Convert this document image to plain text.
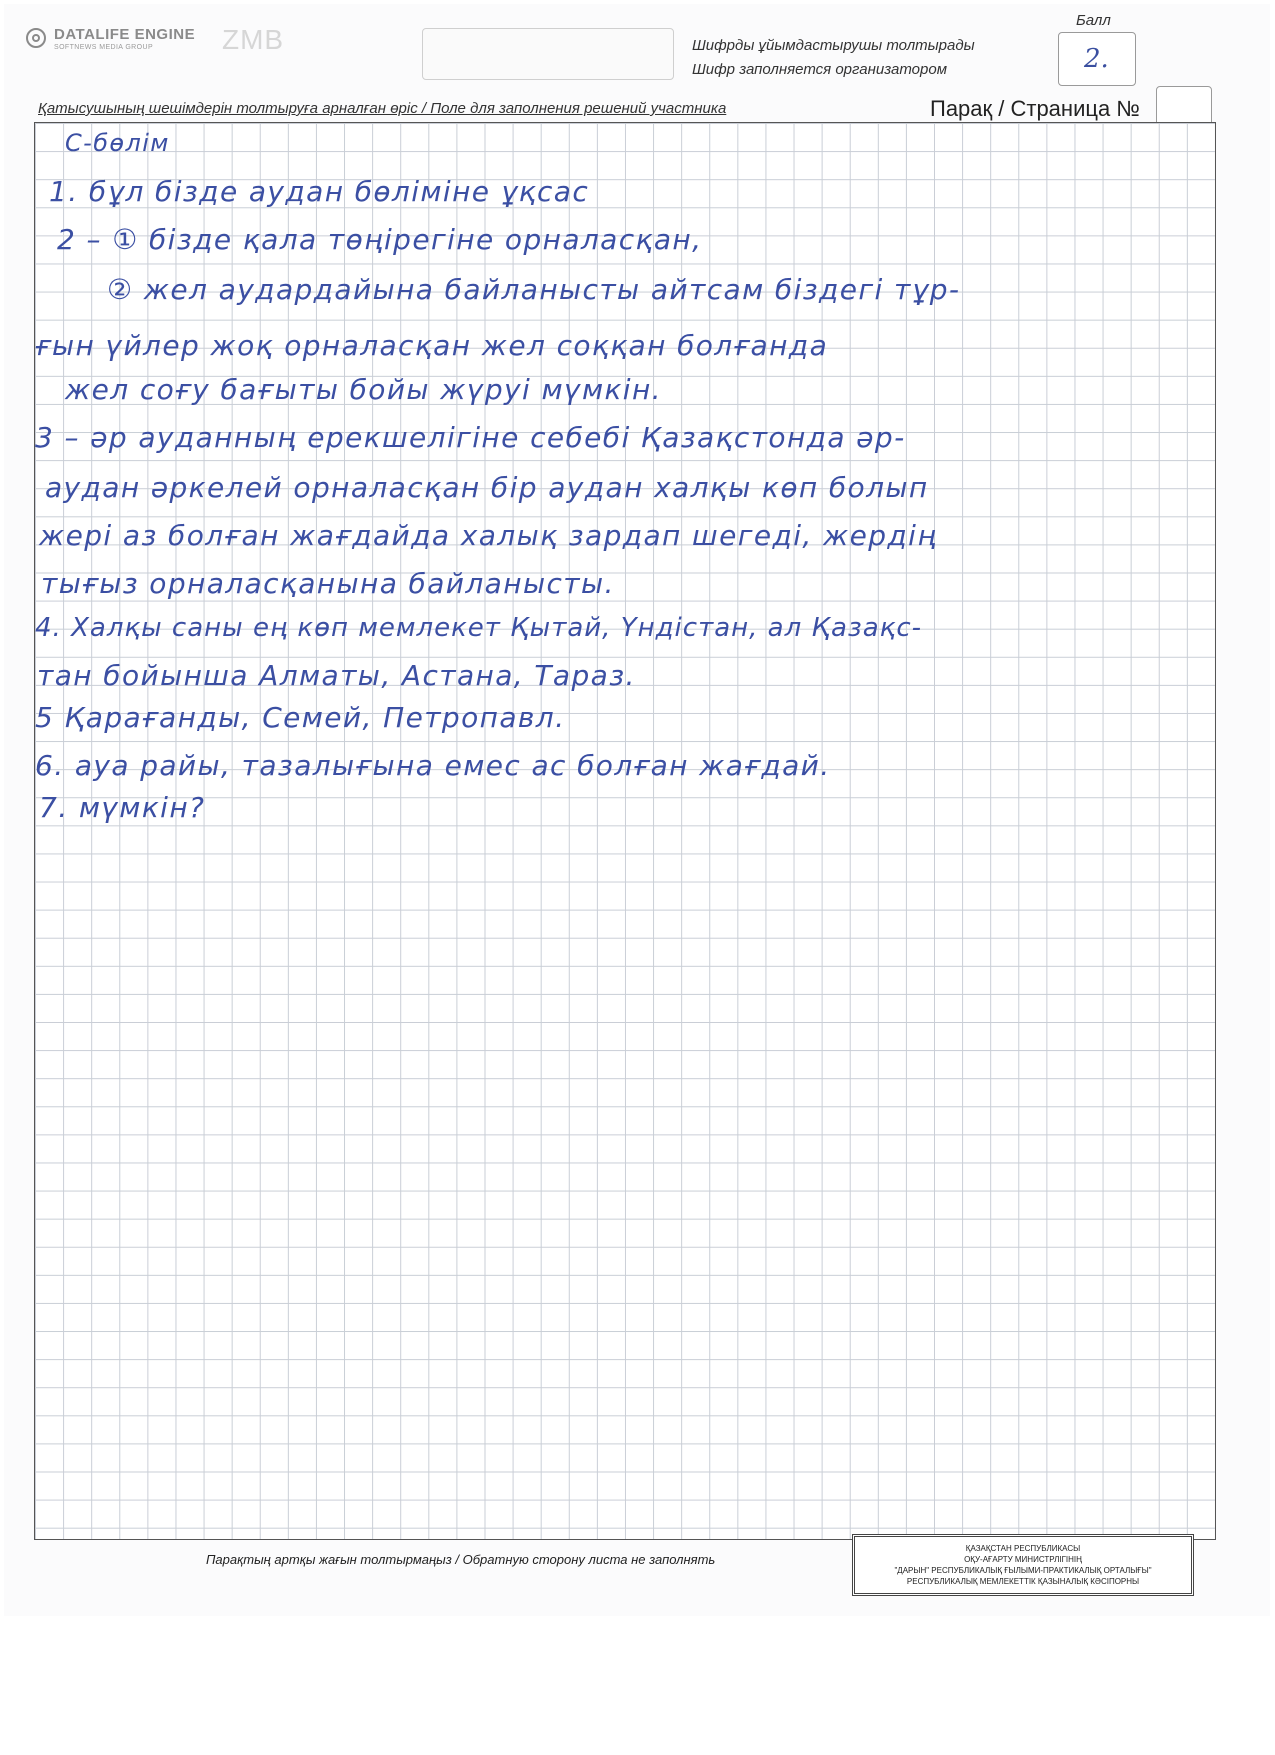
DATALIFE ENGINE
SOFTNEWS MEDIA GROUP ZMB	Шифрды ұйымдастырушы толтырады
Шифр заполняется организатором
Балл
2.
Қатысушының шешімдерін толтыруға арналған өріс / Поле для заполнения решений участника	Парақ / Страница №
С-бөлім
1. бұл бізде аудан бөліміне ұқсас
2 – ① бізде қала төңірегіне орналасқан,
② жел аудардайына байланысты айтсам біздегі тұр-
ғын үйлер жоқ орналасқан жел соққан болғанда
жел соғу бағыты бойы жүруі мүмкін.
3 – әр ауданның ерекшелігіне себебі Қазақстонда әр-
аудан әркелей орналасқан бір аудан халқы көп болып
жері аз болған жағдайда халық зардап шегеді, жердің
тығыз орналасқанына байланысты.
4. Халқы саны ең көп мемлекет Қытай, Үндістан, ал Қазақс-
тан бойынша Алматы, Астана, Тараз.
5 Қарағанды, Семей, Петропавл.
6. ауа райы, тазалығына емес ас болған жағдай.
7. мүмкін?
Парақтың артқы жағын толтырмаңыз / Обратную сторону листа не заполнять
ҚАЗАҚСТАН РЕСПУБЛИКАСЫ
ОҚУ-АҒАРТУ МИНИСТРЛІГІНІҢ
"ДАРЫН" РЕСПУБЛИКАЛЫҚ ҒЫЛЫМИ-ПРАКТИКАЛЫҚ ОРТАЛЫҒЫ"
РЕСПУБЛИКАЛЫҚ МЕМЛЕКЕТТІК ҚАЗЫНАЛЫҚ КӘСІПОРНЫ
